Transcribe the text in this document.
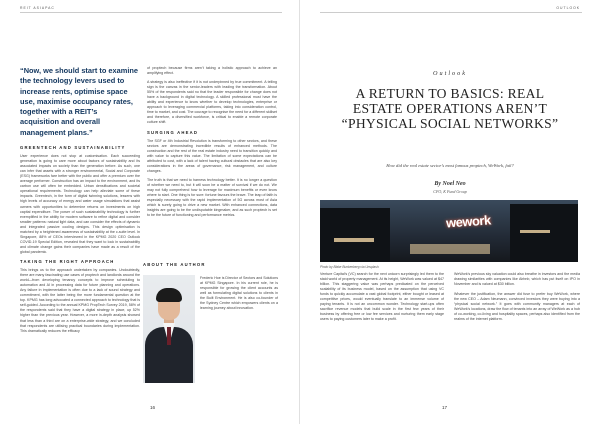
REIT ASIAPAC
“Now, we should start to examine the technology levers used to increase rents, optimise space use, maximise occupancy rates, together with a REIT’s acquisition and overall management plans.”
GREENTECH AND SUSTAINABILITY

User experience does not stop at customisation. Each succeeding generation is going to care more about factors of sustainability and its associated impacts on society than the generation before. As such, one can infer that assets with a stronger environmental, Social and Corporate (ESG) frameworks fare better with the public and offer a premium over the average performer. Construction has an impact to the environment, and its carbon use will often be embedded. Urban densifications and societal operational requirements. Technology can help alleviate some of these impacts. Greentech, in the form of digital twinning solutions, lessens with high levels of accuracy of energy and water usage simulations that assist owners with opportunities to determine returns on investments on high capital expenditure. The power of such sustainability technology is further exemplified in the ability for modern software to refine digital and consider smaller patterns: natural light data, and can consider the effects of dynamic and integrated passive cooling designs. This design optimisation is matched by a heightened awareness of sustainability at the c-suite level. In Singapore, 88% of CEOs interviewed in the KPMG 2020 CEO Outlook COVID-19 Special Edition, revealed that they want to lock in sustainability and climate change gains their companies have made as a result of the global pandemic.

TAKING THE RIGHT APPROACH

This brings us to the approach undertaken by companies. Undoubtedly, there are many fascinating use cases of proptech and landlords around the world—from developing tenancy concepts to improve scheduling to automation and AI in processing data for future planning and operations. Any failure in implementation is often due to a lack of sound strategy and commitment, with the latter being the more fundamental question at the top. KPMG has long advocated a connected approach to technology that is self-guided. According to the annual KPMG PropTech Survey 2019, 58% of the respondents said that they have a digital strategy in place, up 52% higher than the previous year. However, a more in-depth analysis showed that less than a third are on a enterprise-wide strategy, and we concluded that respondents are utilising practical boundaries during implementation. This dramatically reduces the efficacy

of proptech because firms aren’t taking a holistic approach to achieve an amplifying effect.

A strategy is also ineffective if it is not underpinned by true commitment. A telling sign is the canvas in the senior-leaders with leading the transformation. About 55% of the respondents said no that the leader responsible for change does not have a background in digital technology. A skilled professional must have the ability and experience to know whether to develop technologies, enterprise or approach to leveraging commercial platforms, taking into consideration control, time to market, and cost. The courage to recognise the need for a different skillset and therefore, a diversified workforce, is critical to enable a remote corporate culture shift.

SURGING AHEAD

The SGF or 4th Industrial Revolution is transforming to other sectors, and these sectors are demonstrating incredible results of enhanced methods. The construction and the rest of the real estate industry need to transition quickly and with value to capture this value. The limitation of some expectations can be attributed to cost, with a lack of talent having cultural obstacles that are also key considerations in the areas of governance, risk management, and culture changes.

The truth is that we need to harness technology better. It is no longer a question of whether we need to, but it will soon be a matter of survival if we do not. We may not fully comprehend how to leverage for maximum benefits or even know where to start. One thing is for sure: fortune favours the brave. The leap of faith is especially necessary with the rapid implementation of 5G across most of Asia which is surely going to drive a new market. With enhanced connections, data insights are going to be the undisputable kingmaker, and as such proptech is set to be the future of functioning and performance metrics.

ABOUT THE AUTHOR
Frederic Hoe is Director of Sectors and Solutions at KPMG Singapore. In his current role, he is responsible for growing the client accounts as well as formulating digital solutions to clients in the Built Environment. He is also co-founder of the Sydney Centre which empowers clients on a learning journey about innovation.
16
OUTLOOK
Outlook
A RETURN TO BASICS: REAL ESTATE OPERATIONS AREN’T “PHYSICAL SOCIAL NETWORKS”
How did the real estate sector’s most famous proptech, WeWork, fail?
By Noel Neo
CFO, K Fund Group
wework
Photo by Blake Bunkenberg via Unsplash
Venture Capital’s (VC) search for the next unicorn surprisingly led them to the staid world of property management. At its height, WeWork was valued at $47 billion. This staggering value was perhaps predicated on the perceived scalability of its business model, based on the assumption that using VC funds to quickly accumulate a vast global footprint, either bought or leased at competitive prices, would eventually translate to an immense volume of paying tenants. It is not an uncommon wonder. Technology start-ups often sacrifice revenue models that build scale in the first few years of their business by offering free or low fee services and nurturing them early stage users to paying customers later to make a profit.
WeWork’s previous sky valuation could also breathe in investors and the media drawing similarities with companies like Airbnb, which has put itself on IPO in November and is valued at $30 billion.

Whatever the justification, the answer did fuse to prefer buy WeWork, where the new CEO – Adam Neumann, convinced investors they were buying into a “physical social network.” It goes with community managers at each of WeWork’s locations, draw the flow of tenants into an array of WeWork as a hub of co-working, co-living and hospitality spaces, perhaps also identified from the realms of the internet platform.
17
